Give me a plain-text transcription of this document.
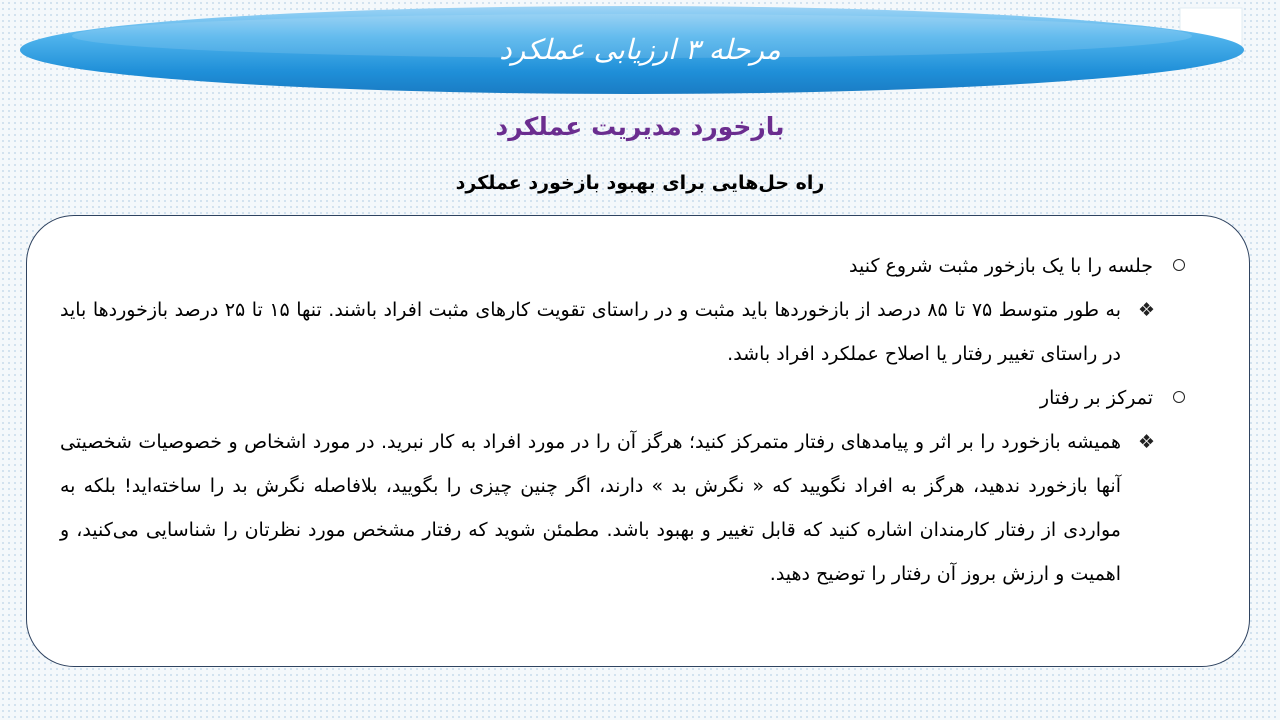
مرحله ۳ ارزیابی عملکرد
بازخورد مدیریت عملکرد
راه حل‌هایی برای بهبود بازخورد عملکرد
جلسه را با یک بازخور مثبت شروع کنید
❖
به طور متوسط ۷۵ تا ۸۵ درصد از بازخوردها باید مثبت و در راستای تقویت کارهای مثبت افراد باشند. تنها ۱۵ تا ۲۵ درصد بازخوردها باید در راستای تغییر رفتار یا اصلاح عملکرد افراد باشد.
تمرکز بر رفتار
❖
همیشه بازخورد را بر اثر و پیامدهای رفتار متمرکز کنید؛ هرگز آن را در مورد افراد به کار نبرید. در مورد اشخاص و خصوصیات شخصیتی آنها بازخورد ندهید، هرگز به افراد نگویید که « نگرش بد » دارند، اگر چنین چیزی را بگویید، بلافاصله نگرش بد را ساخته‌اید! بلکه به مواردی از رفتار کارمندان اشاره کنید که قابل تغییر و بهبود باشد. مطمئن شوید که رفتار مشخص مورد نظرتان را شناسایی می‌کنید، و اهمیت و ارزش بروز آن رفتار را توضیح دهید.
